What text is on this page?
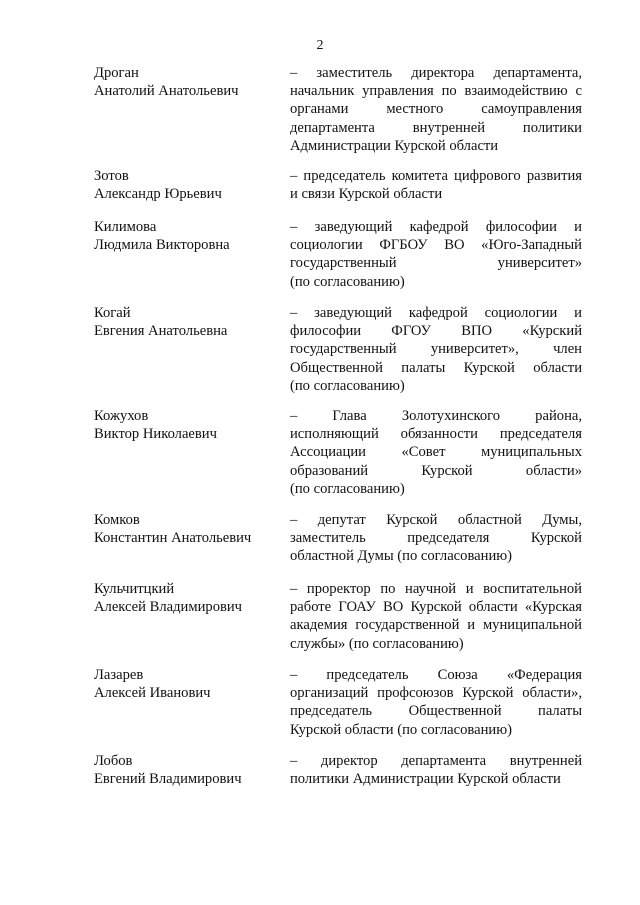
2
Дроган
Анатолий Анатольевич
– заместитель директора департамента,
начальник управления по взаимодействию с
органами местного самоуправления
департамента внутренней политики
Администрации Курской области
Зотов
Александр Юрьевич
– председатель комитета цифрового развития
и связи Курской области
Килимова
Людмила Викторовна
– заведующий кафедрой философии и
социологии ФГБОУ ВО «Юго-Западный
государственный университет»
(по согласованию)
Когай
Евгения Анатольевна
– заведующий кафедрой социологии и
философии ФГОУ ВПО «Курский
государственный университет», член
Общественной палаты Курской области
(по согласованию)
Кожухов
Виктор Николаевич
– Глава Золотухинского района,
исполняющий обязанности председателя
Ассоциации «Совет муниципальных
образований Курской области»
(по согласованию)
Комков
Константин Анатольевич
– депутат Курской областной Думы,
заместитель председателя Курской
областной Думы (по согласованию)
Кульчитцкий
Алексей Владимирович
– проректор по научной и воспитательной
работе ГОАУ ВО Курской области «Курская
академия государственной и муниципальной
службы» (по согласованию)
Лазарев
Алексей Иванович
– председатель Союза «Федерация
организаций профсоюзов Курской области»,
председатель Общественной палаты
Курской области (по согласованию)
Лобов
Евгений Владимирович
– директор департамента внутренней
политики Администрации Курской области
